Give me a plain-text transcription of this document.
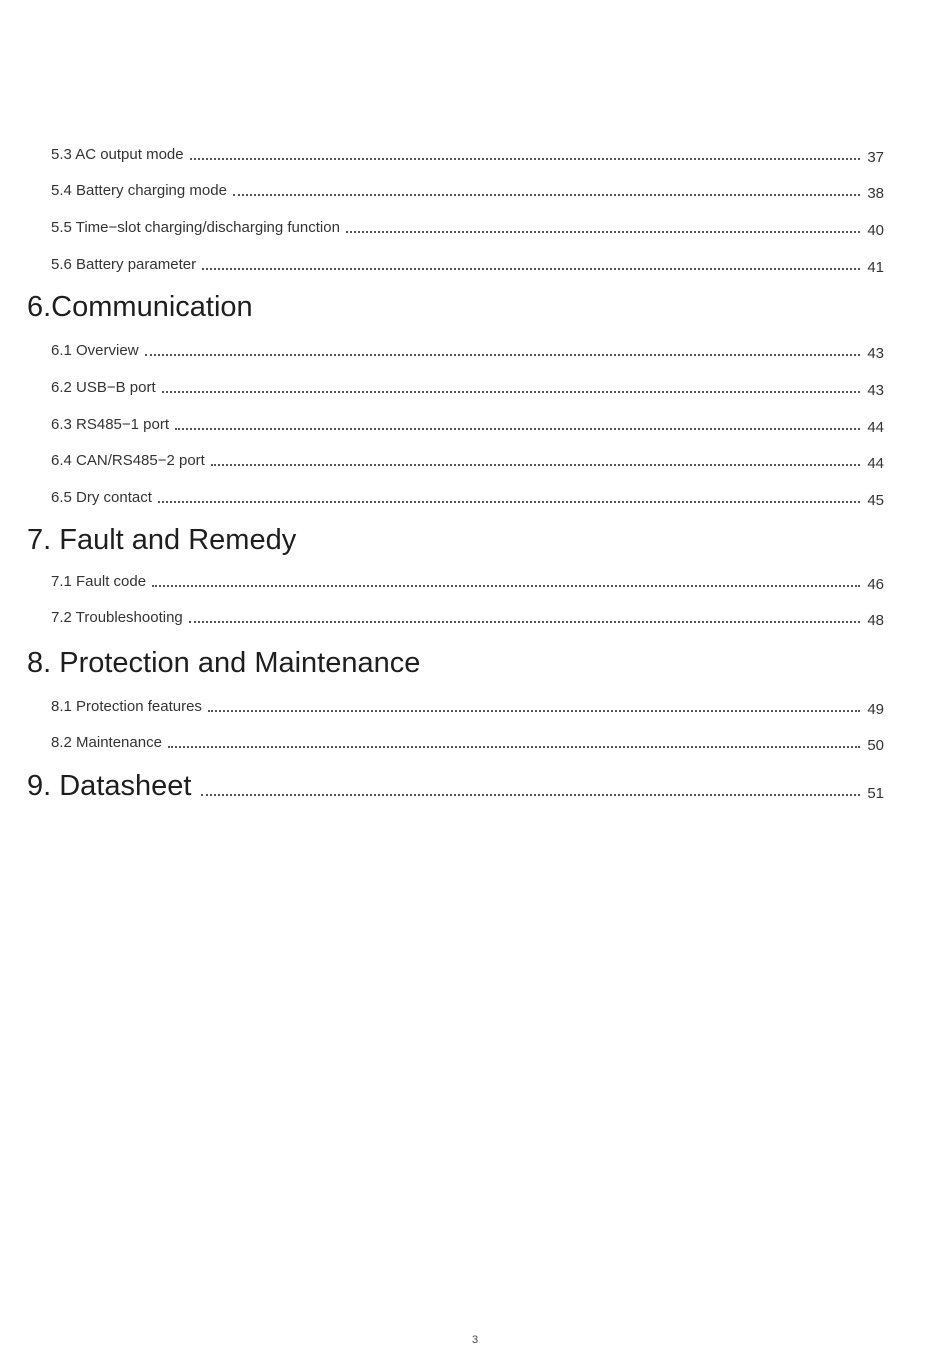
5.3 AC output mode	37
5.4 Battery charging mode	38
5.5 Time−slot charging/discharging function	40
5.6 Battery parameter	41
6.Communication
6.1 Overview	43
6.2 USB−B port	43
6.3 RS485−1 port	44
6.4 CAN/RS485−2 port	44
6.5 Dry contact	45
7. Fault and Remedy
7.1 Fault code	46
7.2 Troubleshooting	48
8. Protection and Maintenance
8.1 Protection features	49
8.2 Maintenance	50
9. Datasheet	51
3
